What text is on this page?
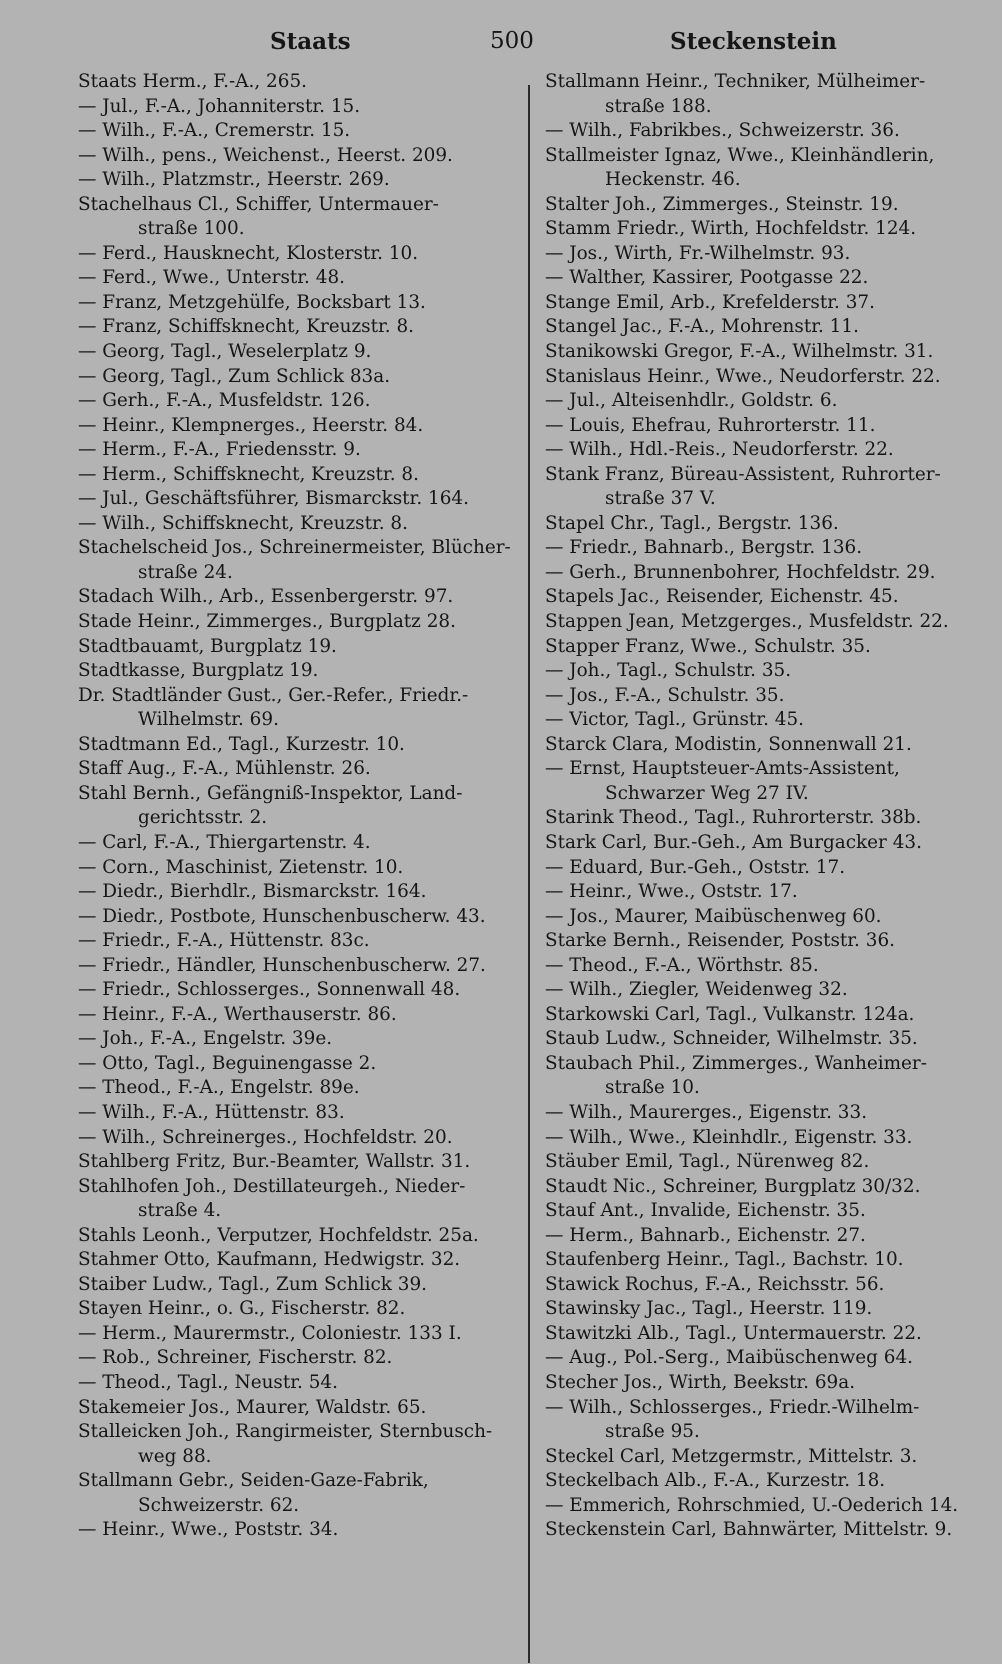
Staats	500	Steckenstein
Staats Herm., F.-A., 265.
— Jul., F.-A., Johanniterstr. 15.
— Wilh., F.-A., Cremerstr. 15.
— Wilh., pens., Weichenst., Heerst. 209.
— Wilh., Platzmstr., Heerstr. 269.
Stachelhaus Cl., Schiffer, Untermauer-
straße 100.
— Ferd., Hausknecht, Klosterstr. 10.
— Ferd., Wwe., Unterstr. 48.
— Franz, Metzgehülfe, Bocksbart 13.
— Franz, Schiffsknecht, Kreuzstr. 8.
— Georg, Tagl., Weselerplatz 9.
— Georg, Tagl., Zum Schlick 83a.
— Gerh., F.-A., Musfeldstr. 126.
— Heinr., Klempnerges., Heerstr. 84.
— Herm., F.-A., Friedensstr. 9.
— Herm., Schiffsknecht, Kreuzstr. 8.
— Jul., Geschäftsführer, Bismarckstr. 164.
— Wilh., Schiffsknecht, Kreuzstr. 8.
Stachelscheid Jos., Schreinermeister, Blücher-
straße 24.
Stadach Wilh., Arb., Essenbergerstr. 97.
Stade Heinr., Zimmerges., Burgplatz 28.
Stadtbauamt, Burgplatz 19.
Stadtkasse, Burgplatz 19.
Dr. Stadtländer Gust., Ger.-Refer., Friedr.-
Wilhelmstr. 69.
Stadtmann Ed., Tagl., Kurzestr. 10.
Staff Aug., F.-A., Mühlenstr. 26.
Stahl Bernh., Gefängniß-Inspektor, Land-
gerichtsstr. 2.
— Carl, F.-A., Thiergartenstr. 4.
— Corn., Maschinist, Zietenstr. 10.
— Diedr., Bierhdlr., Bismarckstr. 164.
— Diedr., Postbote, Hunschenbuscherw. 43.
— Friedr., F.-A., Hüttenstr. 83c.
— Friedr., Händler, Hunschenbuscherw. 27.
— Friedr., Schlosserges., Sonnenwall 48.
— Heinr., F.-A., Werthauserstr. 86.
— Joh., F.-A., Engelstr. 39e.
— Otto, Tagl., Beguinengasse 2.
— Theod., F.-A., Engelstr. 89e.
— Wilh., F.-A., Hüttenstr. 83.
— Wilh., Schreinerges., Hochfeldstr. 20.
Stahlberg Fritz, Bur.-Beamter, Wallstr. 31.
Stahlhofen Joh., Destillateurgeh., Nieder-
straße 4.
Stahls Leonh., Verputzer, Hochfeldstr. 25a.
Stahmer Otto, Kaufmann, Hedwigstr. 32.
Staiber Ludw., Tagl., Zum Schlick 39.
Stayen Heinr., o. G., Fischerstr. 82.
— Herm., Maurermstr., Coloniestr. 133 I.
— Rob., Schreiner, Fischerstr. 82.
— Theod., Tagl., Neustr. 54.
Stakemeier Jos., Maurer, Waldstr. 65.
Stalleicken Joh., Rangirmeister, Sternbusch-
weg 88.
Stallmann Gebr., Seiden-Gaze-Fabrik,
Schweizerstr. 62.
— Heinr., Wwe., Poststr. 34.
Stallmann Heinr., Techniker, Mülheimer-
straße 188.
— Wilh., Fabrikbes., Schweizerstr. 36.
Stallmeister Ignaz, Wwe., Kleinhändlerin,
Heckenstr. 46.
Stalter Joh., Zimmerges., Steinstr. 19.
Stamm Friedr., Wirth, Hochfeldstr. 124.
— Jos., Wirth, Fr.-Wilhelmstr. 93.
— Walther, Kassirer, Pootgasse 22.
Stange Emil, Arb., Krefelderstr. 37.
Stangel Jac., F.-A., Mohrenstr. 11.
Stanikowski Gregor, F.-A., Wilhelmstr. 31.
Stanislaus Heinr., Wwe., Neudorferstr. 22.
— Jul., Alteisenhdlr., Goldstr. 6.
— Louis, Ehefrau, Ruhrorterstr. 11.
— Wilh., Hdl.-Reis., Neudorferstr. 22.
Stank Franz, Büreau-Assistent, Ruhrorter-
straße 37 V.
Stapel Chr., Tagl., Bergstr. 136.
— Friedr., Bahnarb., Bergstr. 136.
— Gerh., Brunnenbohrer, Hochfeldstr. 29.
Stapels Jac., Reisender, Eichenstr. 45.
Stappen Jean, Metzgerges., Musfeldstr. 22.
Stapper Franz, Wwe., Schulstr. 35.
— Joh., Tagl., Schulstr. 35.
— Jos., F.-A., Schulstr. 35.
— Victor, Tagl., Grünstr. 45.
Starck Clara, Modistin, Sonnenwall 21.
— Ernst, Hauptsteuer-Amts-Assistent,
Schwarzer Weg 27 IV.
Starink Theod., Tagl., Ruhrorterstr. 38b.
Stark Carl, Bur.-Geh., Am Burgacker 43.
— Eduard, Bur.-Geh., Oststr. 17.
— Heinr., Wwe., Oststr. 17.
— Jos., Maurer, Maibüschenweg 60.
Starke Bernh., Reisender, Poststr. 36.
— Theod., F.-A., Wörthstr. 85.
— Wilh., Ziegler, Weidenweg 32.
Starkowski Carl, Tagl., Vulkanstr. 124a.
Staub Ludw., Schneider, Wilhelmstr. 35.
Staubach Phil., Zimmerges., Wanheimer-
straße 10.
— Wilh., Maurerges., Eigenstr. 33.
— Wilh., Wwe., Kleinhdlr., Eigenstr. 33.
Stäuber Emil, Tagl., Nürenweg 82.
Staudt Nic., Schreiner, Burgplatz 30/32.
Stauf Ant., Invalide, Eichenstr. 35.
— Herm., Bahnarb., Eichenstr. 27.
Staufenberg Heinr., Tagl., Bachstr. 10.
Stawick Rochus, F.-A., Reichsstr. 56.
Stawinsky Jac., Tagl., Heerstr. 119.
Stawitzki Alb., Tagl., Untermauerstr. 22.
— Aug., Pol.-Serg., Maibüschenweg 64.
Stecher Jos., Wirth, Beekstr. 69a.
— Wilh., Schlosserges., Friedr.-Wilhelm-
straße 95.
Steckel Carl, Metzgermstr., Mittelstr. 3.
Steckelbach Alb., F.-A., Kurzestr. 18.
— Emmerich, Rohrschmied, U.-Oederich 14.
Steckenstein Carl, Bahnwärter, Mittelstr. 9.
